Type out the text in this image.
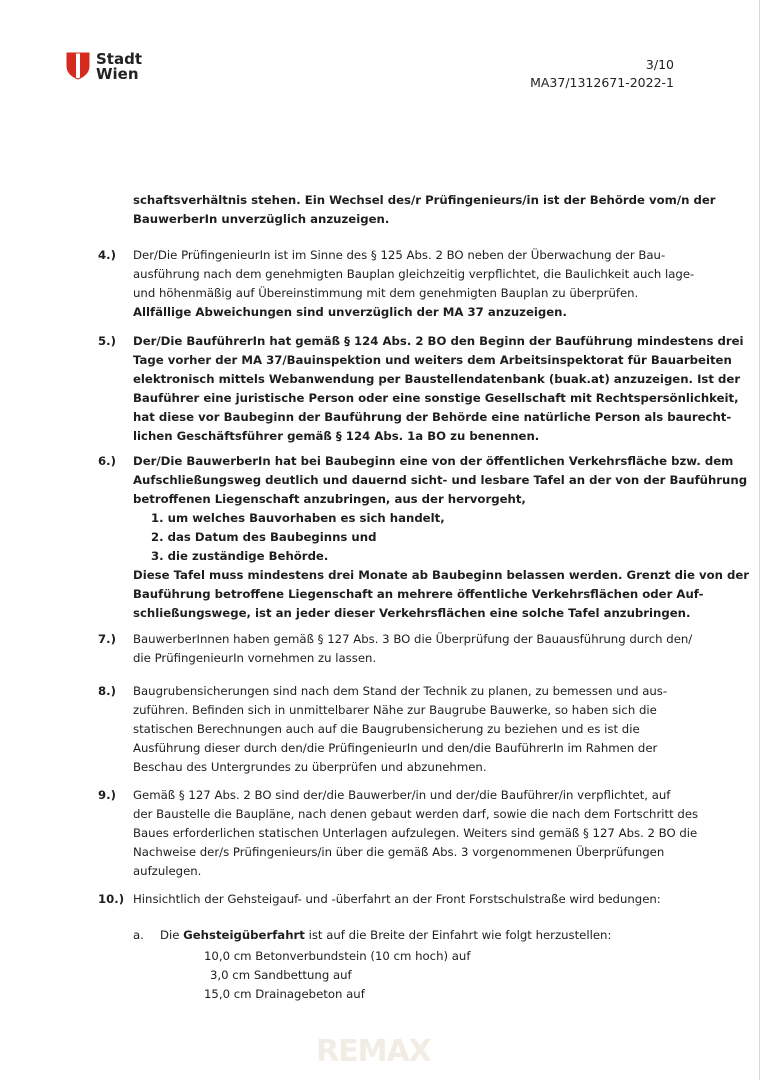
Stadt
Wien
3/10
MA37/1312671-2022-1
schaftsverhältnis stehen. Ein Wechsel des/r Prüfingenieurs/in ist der Behörde vom/n der
BauwerberIn unverzüglich anzuzeigen.
4.) Der/Die PrüfingenieurIn ist im Sinne des § 125 Abs. 2 BO neben der Überwachung der Bau-
ausführung nach dem genehmigten Bauplan gleichzeitig verpflichtet, die Baulichkeit auch lage-
und höhenmäßig auf Übereinstimmung mit dem genehmigten Bauplan zu überprüfen.
Allfällige Abweichungen sind unverzüglich der MA 37 anzuzeigen.
5.) Der/Die BauführerIn hat gemäß § 124 Abs. 2 BO den Beginn der Bauführung mindestens drei
Tage vorher der MA 37/Bauinspektion und weiters dem Arbeitsinspektorat für Bauarbeiten
elektronisch mittels Webanwendung per Baustellendatenbank (buak.at) anzuzeigen. Ist der
Bauführer eine juristische Person oder eine sonstige Gesellschaft mit Rechtspersönlichkeit,
hat diese vor Baubeginn der Bauführung der Behörde eine natürliche Person als baurecht-
lichen Geschäftsführer gemäß § 124 Abs. 1a BO zu benennen.
6.) Der/Die BauwerberIn hat bei Baubeginn eine von der öffentlichen Verkehrsfläche bzw. dem
Aufschließungsweg deutlich und dauernd sicht- und lesbare Tafel an der von der Bauführung
betroffenen Liegenschaft anzubringen, aus der hervorgeht,
1. um welches Bauvorhaben es sich handelt,
2. das Datum des Baubeginns und
3. die zuständige Behörde.
Diese Tafel muss mindestens drei Monate ab Baubeginn belassen werden. Grenzt die von der
Bauführung betroffene Liegenschaft an mehrere öffentliche Verkehrsflächen oder Auf-
schließungswege, ist an jeder dieser Verkehrsflächen eine solche Tafel anzubringen.
7.) BauwerberInnen haben gemäß § 127 Abs. 3 BO die Überprüfung der Bauausführung durch den/
die PrüfingenieurIn vornehmen zu lassen.
8.) Baugrubensicherungen sind nach dem Stand der Technik zu planen, zu bemessen und aus-
zuführen. Befinden sich in unmittelbarer Nähe zur Baugrube Bauwerke, so haben sich die
statischen Berechnungen auch auf die Baugrubensicherung zu beziehen und es ist die
Ausführung dieser durch den/die PrüfingenieurIn und den/die BauführerIn im Rahmen der
Beschau des Untergrundes zu überprüfen und abzunehmen.
9.) Gemäß § 127 Abs. 2 BO sind der/die Bauwerber/in und der/die Bauführer/in verpflichtet, auf
der Baustelle die Baupläne, nach denen gebaut werden darf, sowie die nach dem Fortschritt des
Baues erforderlichen statischen Unterlagen aufzulegen. Weiters sind gemäß § 127 Abs. 2 BO die
Nachweise der/s Prüfingenieurs/in über die gemäß Abs. 3 vorgenommenen Überprüfungen
aufzulegen.
10.) Hinsichtlich der Gehsteigauf- und -überfahrt an der Front Forstschulstraße wird bedungen:
a. Die Gehsteigüberfahrt ist auf die Breite der Einfahrt wie folgt herzustellen:
10,0 cm Betonverbundstein (10 cm hoch) auf
3,0 cm Sandbettung auf
15,0 cm Drainagebeton auf
REMAX
